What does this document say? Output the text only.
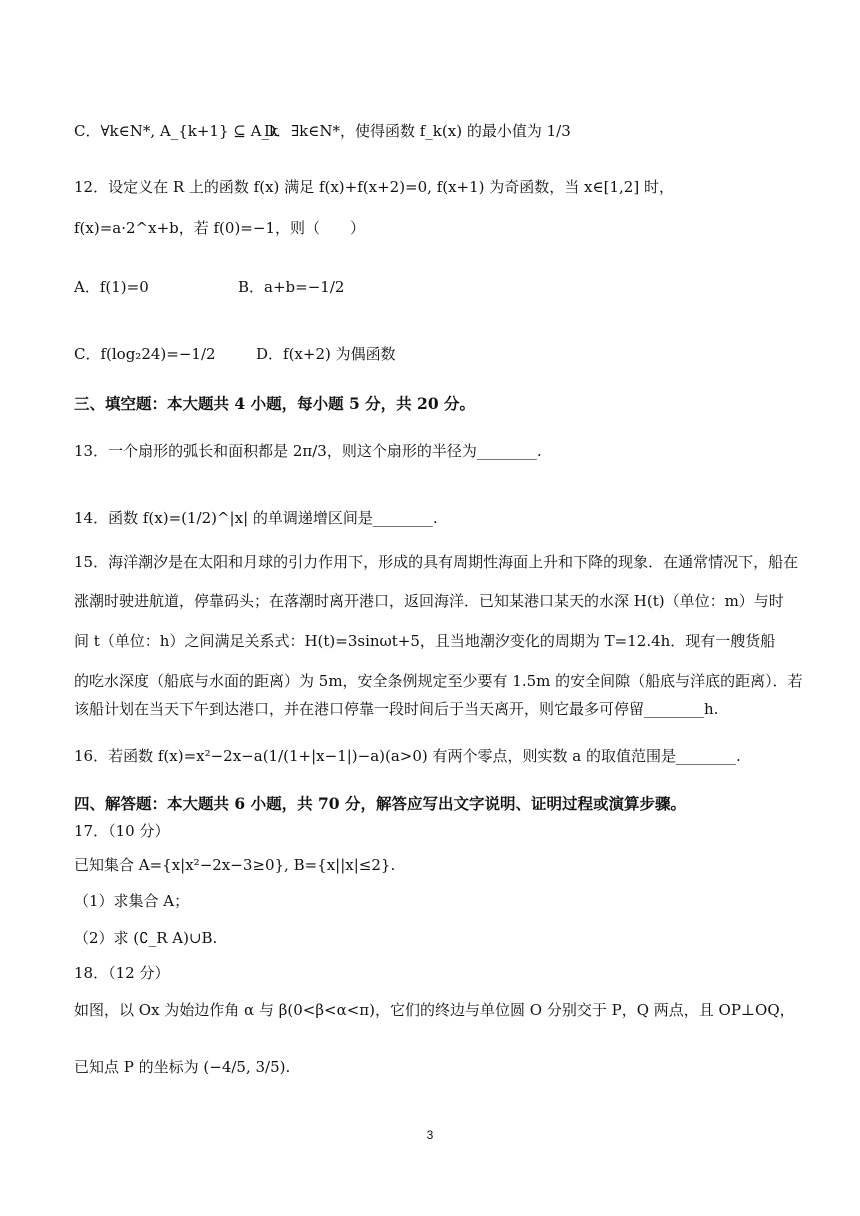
C．∀k∈N*, A_{k+1} ⊆ A_k
D．∃k∈N*，使得函数 f_k(x) 的最小值为 1/3
12．设定义在 R 上的函数 f(x) 满足 f(x)+f(x+2)=0, f(x+1) 为奇函数，当 x∈[1,2] 时，
f(x)=a·2^x+b，若 f(0)=−1，则（　　）
A．f(1)=0	B．a+b=−1/2
C．f(log₂24)=−1/2	D．f(x+2) 为偶函数
三、填空题：本大题共 4 小题，每小题 5 分，共 20 分。
13．一个扇形的弧长和面积都是 2π/3，则这个扇形的半径为________.
14．函数 f(x)=(1/2)^|x| 的单调递增区间是________.
15．海洋潮汐是在太阳和月球的引力作用下，形成的具有周期性海面上升和下降的现象．在通常情况下，船在
涨潮时驶进航道，停靠码头；在落潮时离开港口，返回海洋．已知某港口某天的水深 H(t)（单位：m）与时
间 t（单位：h）之间满足关系式：H(t)=3sinωt+5，且当地潮汐变化的周期为 T=12.4h．现有一艘货船
的吃水深度（船底与水面的距离）为 5m，安全条例规定至少要有 1.5m 的安全间隙（船底与洋底的距离）．若
该船计划在当天下午到达港口，并在港口停靠一段时间后于当天离开，则它最多可停留________h.
16．若函数 f(x)=x²−2x−a(1/(1+|x−1|)−a)(a>0) 有两个零点，则实数 a 的取值范围是________.
四、解答题：本大题共 6 小题，共 70 分，解答应写出文字说明、证明过程或演算步骤。
17．（10 分）
已知集合 A={x|x²−2x−3≥0}, B={x||x|≤2}.
（1）求集合 A；
（2）求 (∁_R A)∪B.
18．（12 分）
如图，以 Ox 为始边作角 α 与 β(0<β<α<π)，它们的终边与单位圆 O 分别交于 P，Q 两点，且 OP⊥OQ，
已知点 P 的坐标为 (−4/5, 3/5).
3
